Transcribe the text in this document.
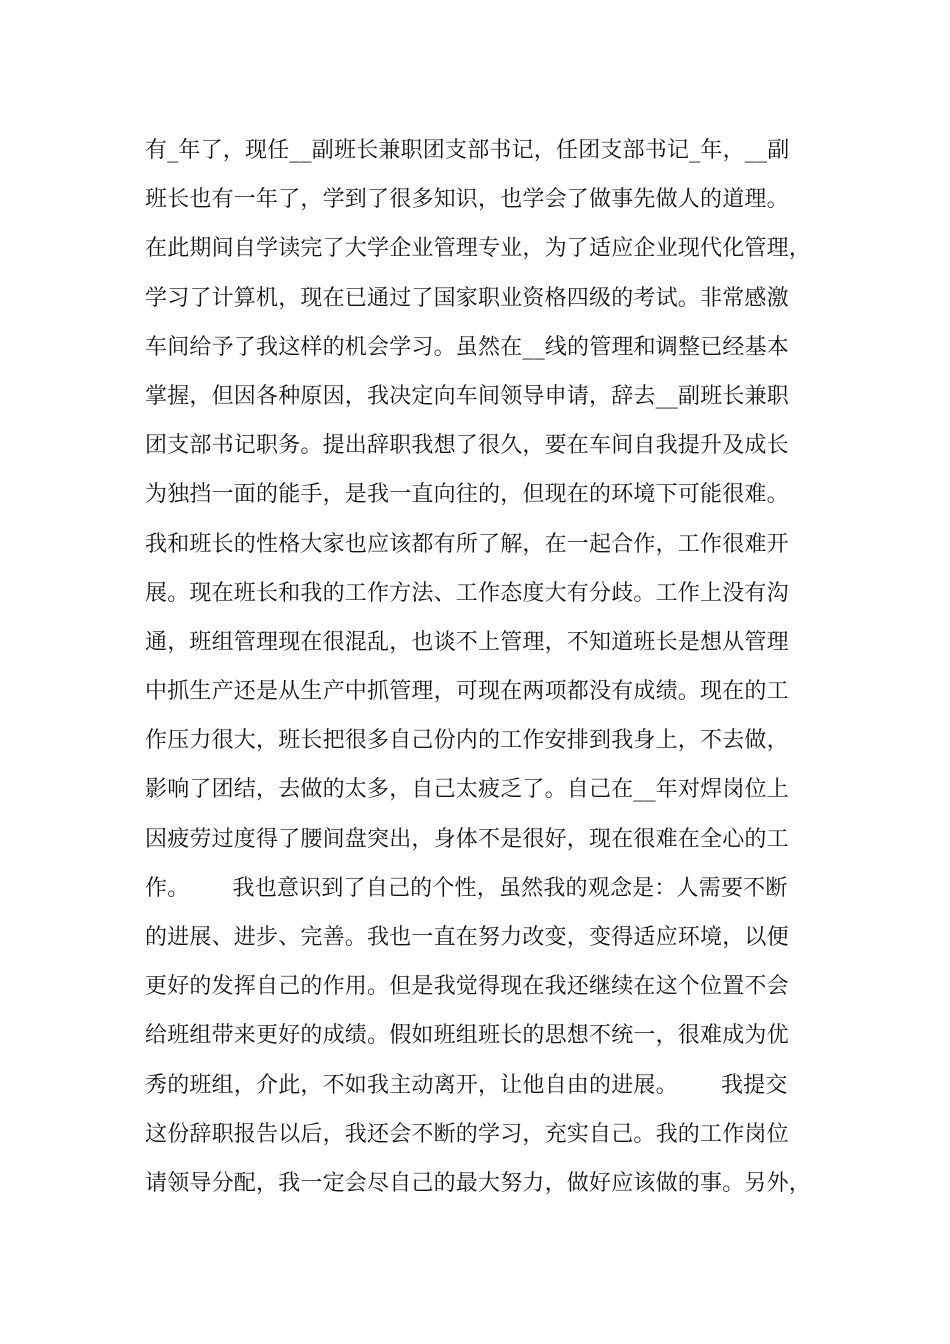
有_年了，现任__副班长兼职团支部书记，任团支部书记_年，__副
班长也有一年了，学到了很多知识，也学会了做事先做人的道理。
在此期间自学读完了大学企业管理专业，为了适应企业现代化管理，
学习了计算机，现在已通过了国家职业资格四级的考试。非常感激
车间给予了我这样的机会学习。虽然在__线的管理和调整已经基本
掌握，但因各种原因，我决定向车间领导申请，辞去__副班长兼职
团支部书记职务。提出辞职我想了很久，要在车间自我提升及成长
为独挡一面的能手，是我一直向往的，但现在的环境下可能很难。
我和班长的性格大家也应该都有所了解，在一起合作，工作很难开
展。现在班长和我的工作方法、工作态度大有分歧。工作上没有沟
通，班组管理现在很混乱，也谈不上管理，不知道班长是想从管理
中抓生产还是从生产中抓管理，可现在两项都没有成绩。现在的工
作压力很大，班长把很多自己份内的工作安排到我身上，不去做，
影响了团结，去做的太多，自己太疲乏了。自己在__年对焊岗位上
因疲劳过度得了腰间盘突出，身体不是很好，现在很难在全心的工
作。      我也意识到了自己的个性，虽然我的观念是：人需要不断
的进展、进步、完善。我也一直在努力改变，变得适应环境，以便
更好的发挥自己的作用。但是我觉得现在我还继续在这个位置不会
给班组带来更好的成绩。假如班组班长的思想不统一，很难成为优
秀的班组，介此，不如我主动离开，让他自由的进展。      我提交
这份辞职报告以后，我还会不断的学习，充实自己。我的工作岗位
请领导分配，我一定会尽自己的最大努力，做好应该做的事。另外，
